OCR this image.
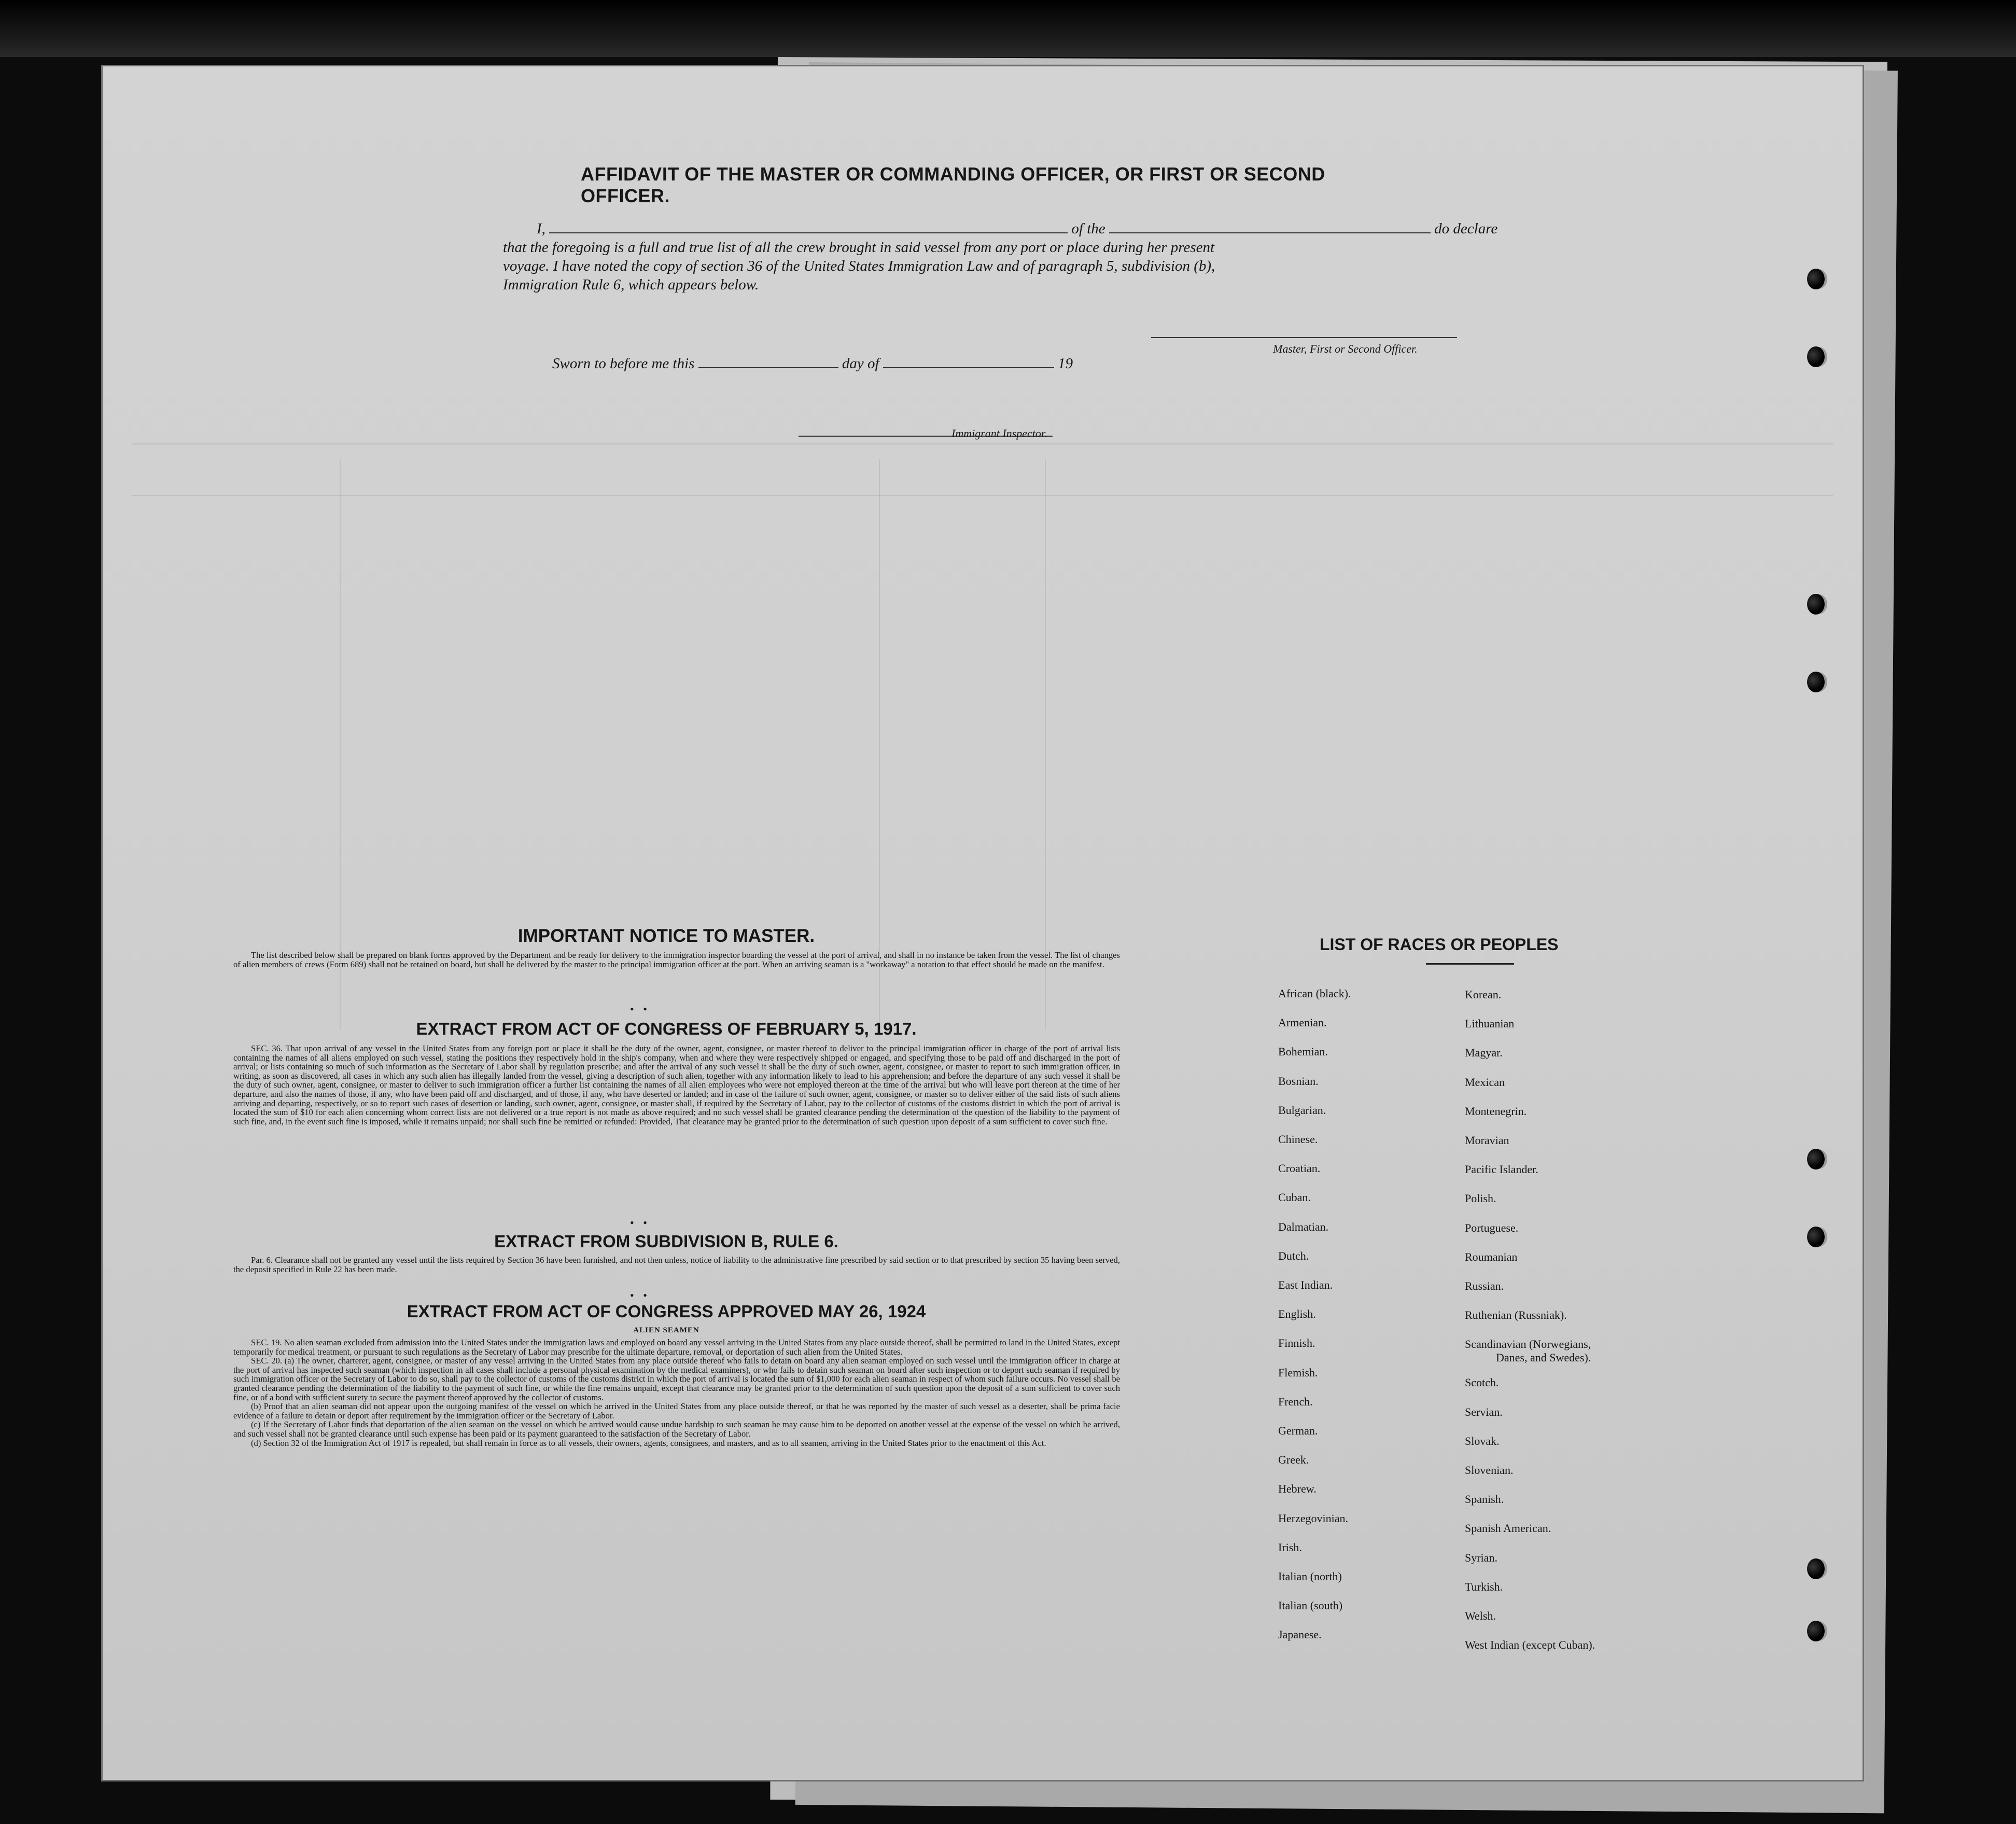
AFFIDAVIT OF THE MASTER OR COMMANDING OFFICER, OR FIRST OR SECOND OFFICER.
I,	of the	do declare
that the foregoing is a full and true list of all the crew brought in said vessel from any port or place during her present
voyage. I have noted the copy of section 36 of the United States Immigration Law and of paragraph 5, subdivision (b),
Immigration Rule 6, which appears below.
Master, First or Second Officer.
Sworn to before me this	day of	19
Immigrant Inspector.
IMPORTANT NOTICE TO MASTER.

The list described below shall be prepared on blank forms approved by the Department and be ready for delivery to the immigration inspector boarding the vessel at the port of arrival, and shall in no instance be taken from the vessel. The list of changes of alien members of crews (Form 689) shall not be retained on board, but shall be delivered by the master to the principal immigration officer at the port. When an arriving seaman is a "workaway" a notation to that effect should be made on the manifest.

• •
EXTRACT FROM ACT OF CONGRESS OF FEBRUARY 5, 1917.

SEC. 36. That upon arrival of any vessel in the United States from any foreign port or place it shall be the duty of the owner, agent, consignee, or master thereof to deliver to the principal immigration officer in charge of the port of arrival lists containing the names of all aliens employed on such vessel, stating the positions they respectively hold in the ship's company, when and where they were respectively shipped or engaged, and specifying those to be paid off and discharged in the port of arrival; or lists containing so much of such information as the Secretary of Labor shall by regulation prescribe; and after the arrival of any such vessel it shall be the duty of such owner, agent, consignee, or master to report to such immigration officer, in writing, as soon as discovered, all cases in which any such alien has illegally landed from the vessel, giving a description of such alien, together with any information likely to lead to his apprehension; and before the departure of any such vessel it shall be the duty of such owner, agent, consignee, or master to deliver to such immigration officer a further list containing the names of all alien employees who were not employed thereon at the time of the arrival but who will leave port thereon at the time of her departure, and also the names of those, if any, who have been paid off and discharged, and of those, if any, who have deserted or landed; and in case of the failure of such owner, agent, consignee, or master so to deliver either of the said lists of such aliens arriving and departing, respectively, or so to report such cases of desertion or landing, such owner, agent, consignee, or master shall, if required by the Secretary of Labor, pay to the collector of customs of the customs district in which the port of arrival is located the sum of $10 for each alien concerning whom correct lists are not delivered or a true report is not made as above required; and no such vessel shall be granted clearance pending the determination of the question of the liability to the payment of such fine, and, in the event such fine is imposed, while it remains unpaid; nor shall such fine be remitted or refunded: Provided, That clearance may be granted prior to the determination of such question upon deposit of a sum sufficient to cover such fine.

• •
EXTRACT FROM SUBDIVISION B, RULE 6.

Par. 6. Clearance shall not be granted any vessel until the lists required by Section 36 have been furnished, and not then unless, notice of liability to the administrative fine prescribed by said section or to that prescribed by section 35 having been served, the deposit specified in Rule 22 has been made.

• •
EXTRACT FROM ACT OF CONGRESS APPROVED MAY 26, 1924
ALIEN SEAMEN

SEC. 19. No alien seaman excluded from admission into the United States under the immigration laws and employed on board any vessel arriving in the United States from any place outside thereof, shall be permitted to land in the United States, except temporarily for medical treatment, or pursuant to such regulations as the Secretary of Labor may prescribe for the ultimate departure, removal, or deportation of such alien from the United States.

SEC. 20. (a) The owner, charterer, agent, consignee, or master of any vessel arriving in the United States from any place outside thereof who fails to detain on board any alien seaman employed on such vessel until the immigration officer in charge at the port of arrival has inspected such seaman (which inspection in all cases shall include a personal physical examination by the medical examiners), or who fails to detain such seaman on board after such inspection or to deport such seaman if required by such immigration officer or the Secretary of Labor to do so, shall pay to the collector of customs of the customs district in which the port of arrival is located the sum of $1,000 for each alien seaman in respect of whom such failure occurs. No vessel shall be granted clearance pending the determination of the liability to the payment of such fine, or while the fine remains unpaid, except that clearance may be granted prior to the determination of such question upon the deposit of a sum sufficient to cover such fine, or of a bond with sufficient surety to secure the payment thereof approved by the collector of customs.

(b) Proof that an alien seaman did not appear upon the outgoing manifest of the vessel on which he arrived in the United States from any place outside thereof, or that he was reported by the master of such vessel as a deserter, shall be prima facie evidence of a failure to detain or deport after requirement by the immigration officer or the Secretary of Labor.

(c) If the Secretary of Labor finds that deportation of the alien seaman on the vessel on which he arrived would cause undue hardship to such seaman he may cause him to be deported on another vessel at the expense of the vessel on which he arrived, and such vessel shall not be granted clearance until such expense has been paid or its payment guaranteed to the satisfaction of the Secretary of Labor.

(d) Section 32 of the Immigration Act of 1917 is repealed, but shall remain in force as to all vessels, their owners, agents, consignees, and masters, and as to all seamen, arriving in the United States prior to the enactment of this Act.

LIST OF RACES OR PEOPLES
African (black).
Armenian.
Bohemian.
Bosnian.
Bulgarian.
Chinese.
Croatian.
Cuban.
Dalmatian.
Dutch.
East Indian.
English.
Finnish.
Flemish.
French.
German.
Greek.
Hebrew.
Herzegovinian.
Irish.
Italian (north)
Italian (south)
Japanese.
Korean.
Lithuanian
Magyar.
Mexican
Montenegrin.
Moravian
Pacific Islander.
Polish.
Portuguese.
Roumanian
Russian.
Ruthenian (Russniak).
Scandinavian (Norwegians,
Danes, and Swedes).
Scotch.
Servian.
Slovak.
Slovenian.
Spanish.
Spanish American.
Syrian.
Turkish.
Welsh.
West Indian (except Cuban).
